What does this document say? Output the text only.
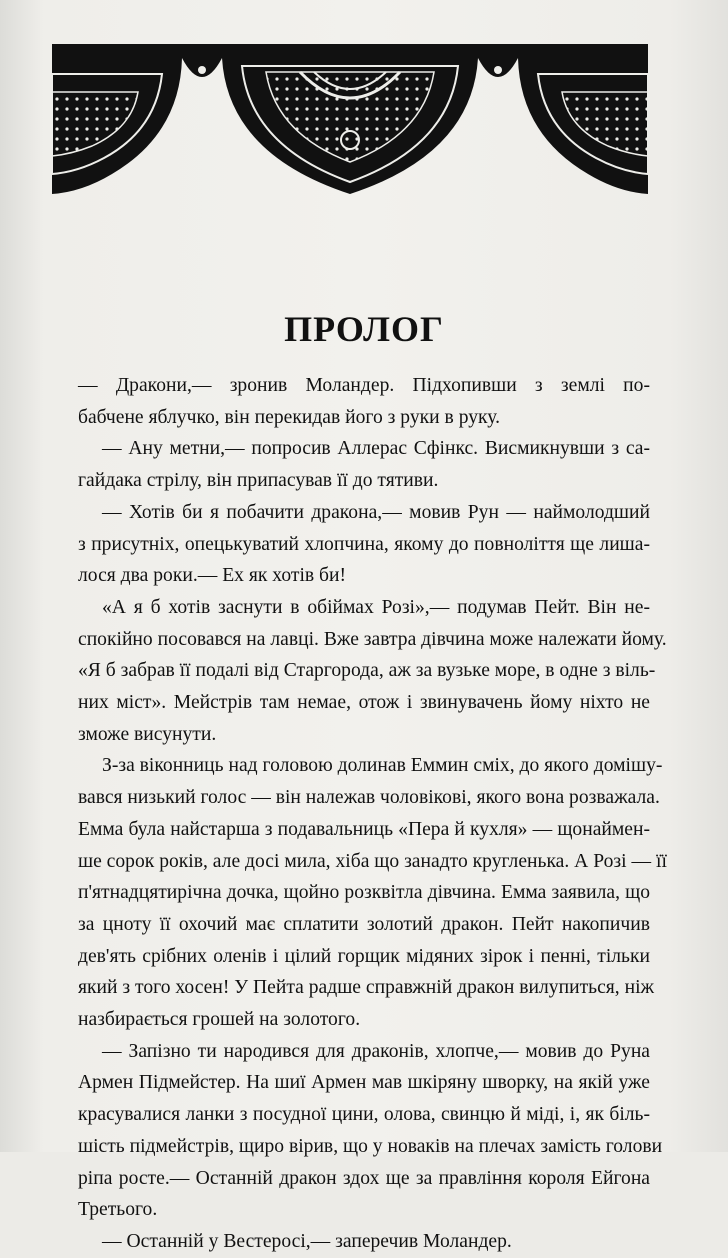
ПРОЛОГ
— Дракони,— зронив Моландер. Підхопивши з землі по-
бабчене яблучко, він перекидав його з руки в руку.
— Ану метни,— попросив Аллерас Сфінкс. Висмикнувши з са-
гайдака стрілу, він припасував її до тятиви.
— Хотів би я побачити дракона,— мовив Рун — наймолодший
з присутніх, опецькуватий хлопчина, якому до повноліття ще лиша-
лося два роки.— Ех як хотів би!
«А я б хотів заснути в обіймах Розі»,— подумав Пейт. Він не-
спокійно посовався на лавці. Вже завтра дівчина може належати йому.
«Я б забрав її подалі від Старгорода, аж за вузьке море, в одне з віль-
них міст». Мейстрів там немае, отож і звинувачень йому ніхто не
зможе висунути.
З-за віконниць над головою долинав Еммин сміх, до якого домішу-
вався низький голос — він належав чоловікові, якого вона розважала.
Емма була найстарша з подавальниць «Пера й кухля» — щонаймен-
ше сорок років, але досі мила, хіба що занадто кругленька. А Розі — її
п'ятнадцятирічна дочка, щойно розквітла дівчина. Емма заявила, що
за цноту її охочий має сплатити золотий дракон. Пейт накопичив
дев'ять срібних оленів і цілий горщик мідяних зірок і пенні, тільки
який з того хосен! У Пейта радше справжній дракон вилупиться, ніж
назбирається грошей на золотого.
— Запізно ти народився для драконів, хлопче,— мовив до Руна
Армен Підмейстер. На шиї Армен мав шкіряну шворку, на якій уже
красувалися ланки з посудної цини, олова, свинцю й міді, і, як біль-
шість підмейстрів, щиро вірив, що у новаків на плечах замість голови
ріпа росте.— Останній дракон здох ще за правління короля Ейгона
Третього.
— Останній у Вестеросі,— заперечив Моландер.
